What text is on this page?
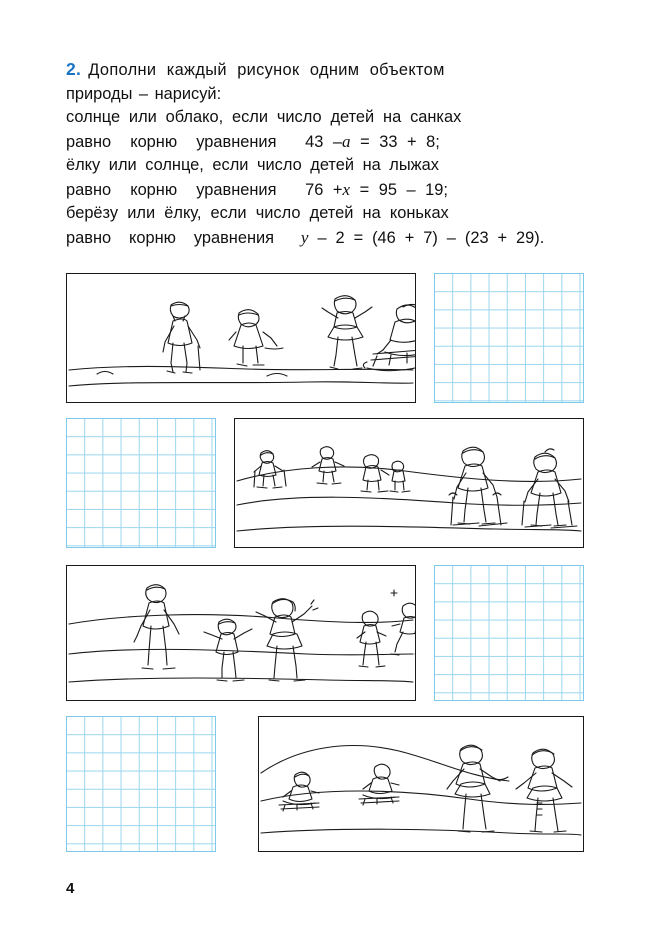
2. Дополни каждый рисунок одним объектом
природы – нарисуй:
солнце или облако, если число детей на санках
равно  корню  уравнения   43 –a = 33 + 8;
ёлку или солнце, если число детей на лыжах
равно  корню  уравнения   76 +x = 95 – 19;
берёзу или ёлку, если число детей на коньках
равно  корню  уравнения   y – 2 = (46 + 7) – (23 + 29).
4
